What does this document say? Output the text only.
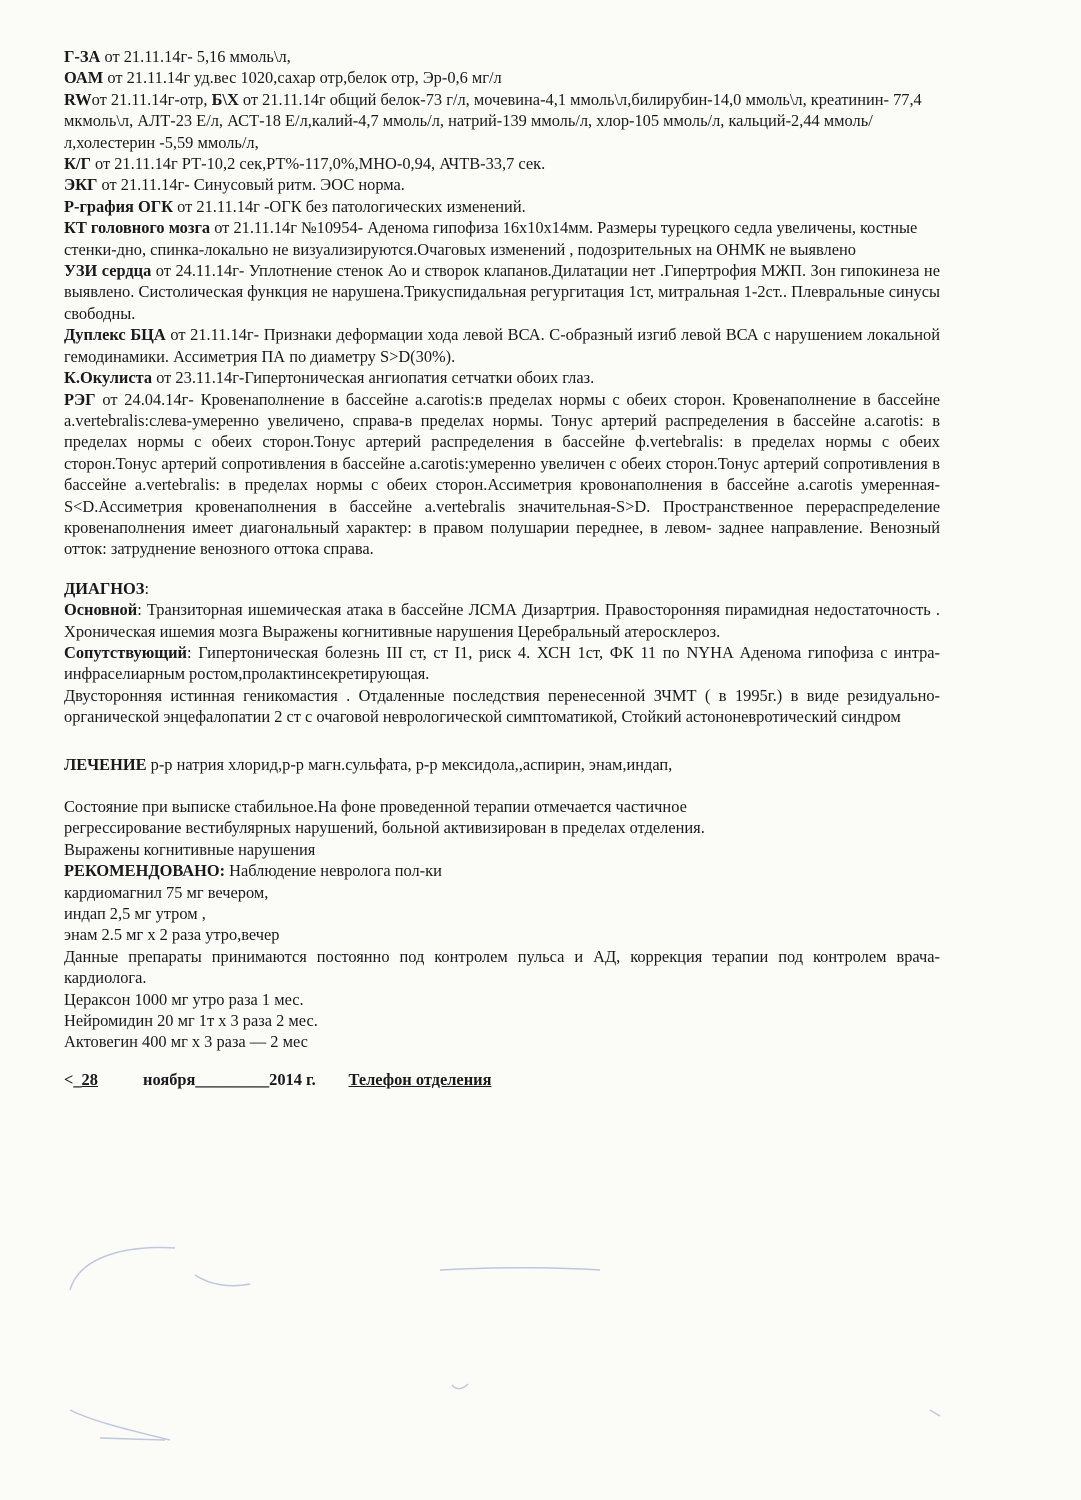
Г-ЗА от 21.11.14г- 5,16 ммоль\л,

ОАМ от 21.11.14г уд.вес 1020,сахар отр,белок отр, Эр-0,6 мг/л

RWот 21.11.14г-отр, Б\Х от 21.11.14г общий белок-73 г/л, мочевина-4,1 ммоль\л,билирубин-14,0 ммоль\л, креатинин- 77,4 мкмоль\л, АЛТ-23 Е/л, АСТ-18 Е/л,калий-4,7 ммоль/л, натрий-139 ммоль/л, хлор-105 ммоль/л, кальций-2,44 ммоль/л,холестерин -5,59 ммоль/л,

К/Г от 21.11.14г РТ-10,2 сек,РТ%-117,0%,МНО-0,94, АЧТВ-33,7 сек.

ЭКГ от 21.11.14г- Синусовый ритм. ЭОС норма.

Р-графия ОГК от 21.11.14г -ОГК без патологических изменений.

КТ головного мозга от 21.11.14г №10954- Аденома гипофиза 16х10х14мм. Размеры турецкого седла увеличены, костные стенки-дно, спинка-локально не визуализируются.Очаговых изменений , подозрительных на ОНМК не выявлено

УЗИ сердца от 24.11.14г- Уплотнение стенок Ао и створок клапанов.Дилатации нет .Гипертрофия МЖП. Зон гипокинеза не выявлено. Систолическая функция не нарушена.Трикуспидальная регургитация 1ст, митральная 1-2ст.. Плевральные синусы свободны.

Дуплекс БЦА от 21.11.14г- Признаки деформации хода левой ВСА. С-образный изгиб левой ВСА с нарушением локальной гемодинамики. Ассиметрия ПА по диаметру S>D(30%).

К.Окулиста от 23.11.14г-Гипертоническая ангиопатия сетчатки обоих глаз.

РЭГ от 24.04.14г- Кровенаполнение в бассейне a.carotis:в пределах нормы с обеих сторон. Кровенаполнение в бассейне a.vertebralis:слева-умеренно увеличено, справа-в пределах нормы. Тонус артерий распределения в бассейне a.carotis: в пределах нормы с обеих сторон.Тонус артерий распределения в бассейне ф.vertebralis: в пределах нормы с обеих сторон.Тонус артерий сопротивления в бассейне a.carotis:умеренно увеличен с обеих сторон.Тонус артерий сопротивления в бассейне a.vertebralis: в пределах нормы с обеих сторон.Ассиметрия кровонаполнения в бассейне a.carotis умеренная-S<D.Ассиметрия кровенаполнения в бассейне a.vertebralis значительная-S>D. Пространственное перераспределение кровенаполнения имеет диагональный характер: в правом полушарии переднее, в левом- заднее направление. Венозный отток: затруднение венозного оттока справа.

ДИАГНОЗ:

Основной: Транзиторная ишемическая атака в бассейне ЛСМА Дизартрия. Правосторонняя пирамидная недостаточность . Хроническая ишемия мозга Выражены когнитивные нарушения Церебральный атеросклероз.

Сопутствующий: Гипертоническая болезнь III ст, ст I1, риск 4. ХСН 1ст, ФК 11 по NYHA Аденома гипофиза с интра-инфраселиарным ростом,пролактинсекретирующая.

Двусторонняя истинная геникомастия . Отдаленные последствия перенесенной ЗЧМТ ( в 1995г.) в виде резидуально-органической энцефалопатии 2 ст с очаговой неврологической симптоматикой, Стойкий астононевротический синдром

ЛЕЧЕНИЕ р-р натрия хлорид,р-р магн.сульфата, р-р мексидола,,аспирин, энам,индап,

Состояние при выписке стабильное.На фоне проведенной терапии отмечается частичное

регрессирование вестибулярных нарушений, больной активизирован в пределах отделения.

Выражены когнитивные нарушения

РЕКОМЕНДОВАНО: Наблюдение невролога пол-ки

кардиомагнил 75 мг вечером,

индап 2,5 мг утром ,

энам 2.5 мг х 2 раза утро,вечер

Данные препараты принимаются постоянно под контролем пульса и АД, коррекция терапии под контролем врача-кардиолога.

Цераксон 1000 мг утро раза 1 мес.

Нейромидин 20 мг 1т х 3 раза 2 мес.

Актовегин 400 мг х 3 раза — 2 мес

<_28	ноября_________2014 г. Телефон отделения
